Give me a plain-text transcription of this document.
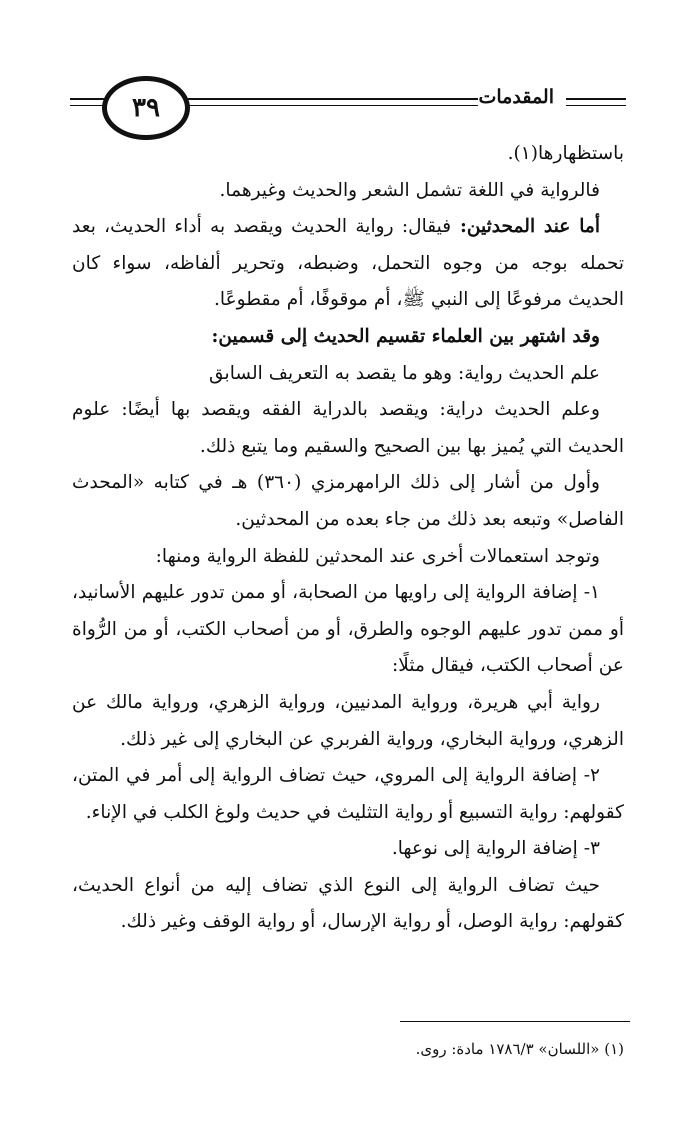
٣٩	المقدمات

باستظهارها(١).

فالرواية في اللغة تشمل الشعر والحديث وغيرهما.

أما عند المحدثين: فيقال: رواية الحديث ويقصد به أداء الحديث، بعد تحمله بوجه من وجوه التحمل، وضبطه، وتحرير ألفاظه، سواء كان الحديث مرفوعًا إلى النبي ﷺ، أم موقوفًا، أم مقطوعًا.

وقد اشتهر بين العلماء تقسيم الحديث إلى قسمين:

علم الحديث رواية: وهو ما يقصد به التعريف السابق

وعلم الحديث دراية: ويقصد بالدراية الفقه ويقصد بها أيضًا: علوم الحديث التي يُميز بها بين الصحيح والسقيم وما يتبع ذلك.

وأول من أشار إلى ذلك الرامهرمزي (٣٦٠) هـ في كتابه «المحدث الفاصل» وتبعه بعد ذلك من جاء بعده من المحدثين.

وتوجد استعمالات أخرى عند المحدثين للفظة الرواية ومنها:

١- إضافة الرواية إلى راويها من الصحابة، أو ممن تدور عليهم الأسانيد، أو ممن تدور عليهم الوجوه والطرق، أو من أصحاب الكتب، أو من الرُّواة عن أصحاب الكتب، فيقال مثلًا:

رواية أبي هريرة، ورواية المدنيين، ورواية الزهري، ورواية مالك عن الزهري، ورواية البخاري، ورواية الفربري عن البخاري إلى غير ذلك.

٢- إضافة الرواية إلى المروي، حيث تضاف الرواية إلى أمر في المتن، كقولهم: رواية التسبيع أو رواية التثليث في حديث ولوغ الكلب في الإناء.

٣- إضافة الرواية إلى نوعها.

حيث تضاف الرواية إلى النوع الذي تضاف إليه من أنواع الحديث، كقولهم: رواية الوصل، أو رواية الإرسال، أو رواية الوقف وغير ذلك.

(١) «اللسان» ١٧٨٦/٣ مادة: روى.
